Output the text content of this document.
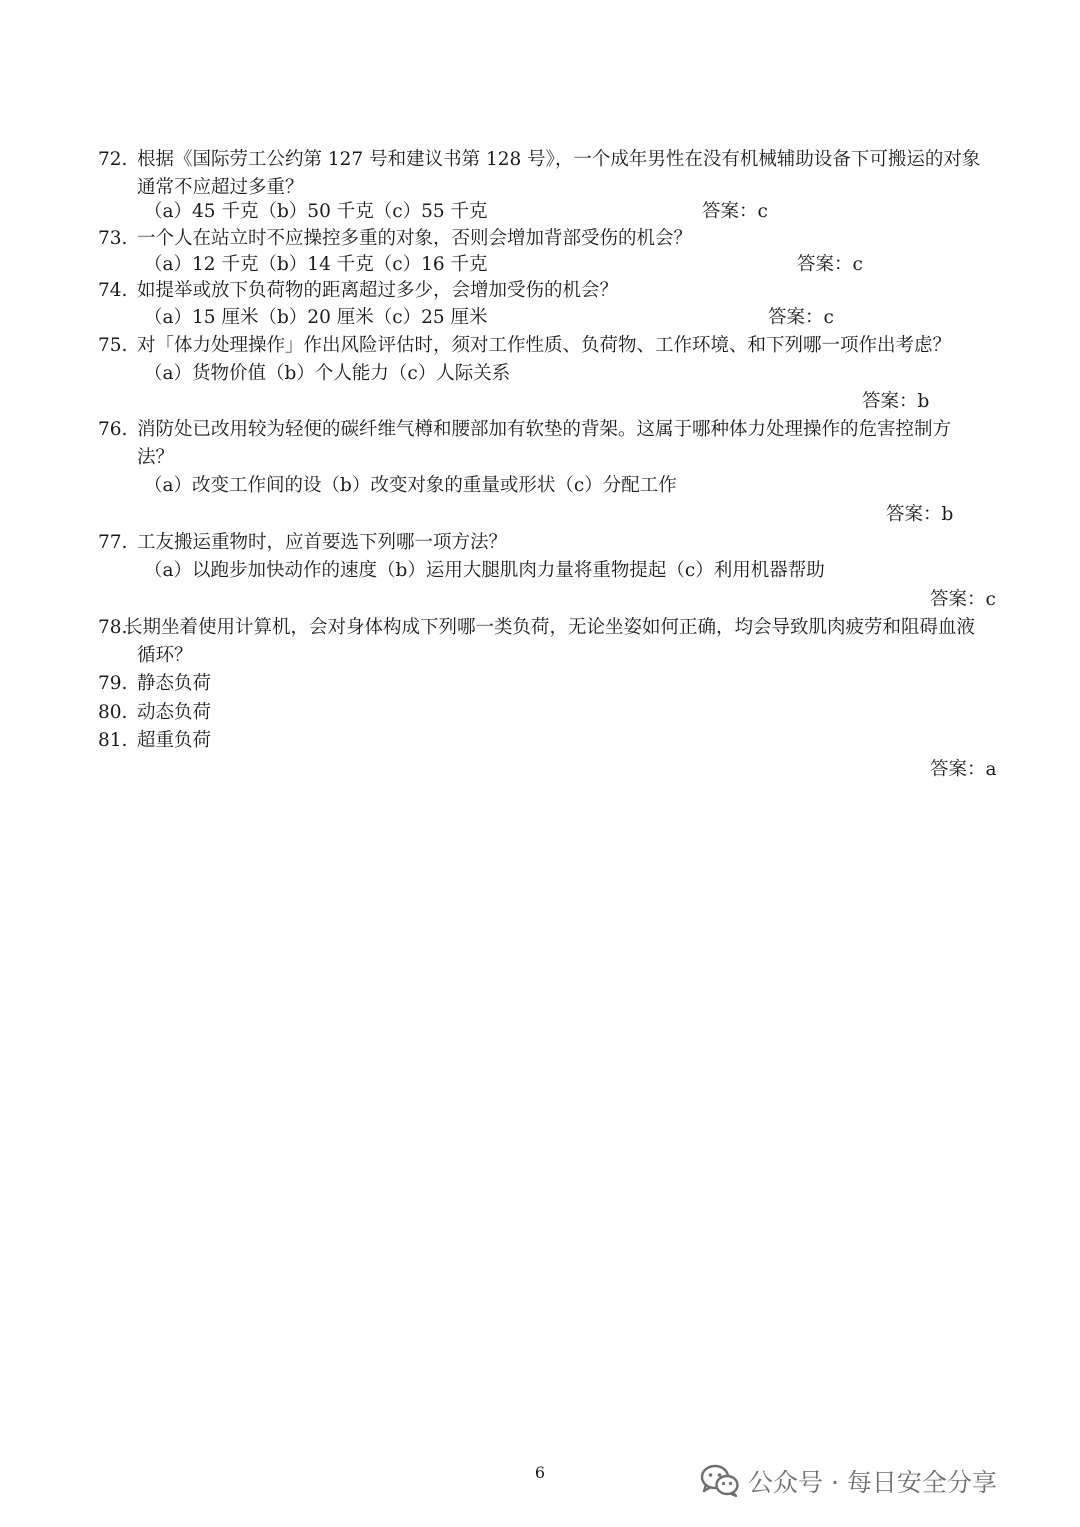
72. 根据《国际劳工公约第 127 号和建议书第 128 号》，一个成年男性在没有机械辅助设备下可搬运的对象
通常不应超过多重？
（a）45 千克（b）50 千克（c）55 千克	答案：c
73. 一个人在站立时不应操控多重的对象，否则会增加背部受伤的机会？
（a）12 千克（b）14 千克（c）16 千克	答案：c
74. 如提举或放下负荷物的距离超过多少，会增加受伤的机会？
（a）15 厘米（b）20 厘米（c）25 厘米	答案：c
75. 对「体力处理操作」作出风险评估时，须对工作性质、负荷物、工作环境、和下列哪一项作出考虑？
（a）货物价值（b）个人能力（c）人际关系
答案：b
76. 消防处已改用较为轻便的碳纤维气樽和腰部加有软垫的背架。这属于哪种体力处理操作的危害控制方
法？
（a）改变工作间的设（b）改变对象的重量或形状（c）分配工作
答案：b
77. 工友搬运重物时，应首要选下列哪一项方法？
（a）以跑步加快动作的速度（b）运用大腿肌肉力量将重物提起（c）利用机器帮助
答案：c
78.
长期坐着使用计算机，会对身体构成下列哪一类负荷，无论坐姿如何正确，均会导致肌肉疲劳和阻碍血液
循环？
79. 静态负荷
80. 动态负荷
81. 超重负荷
答案：a
6	公众号 · 每日安全分享
